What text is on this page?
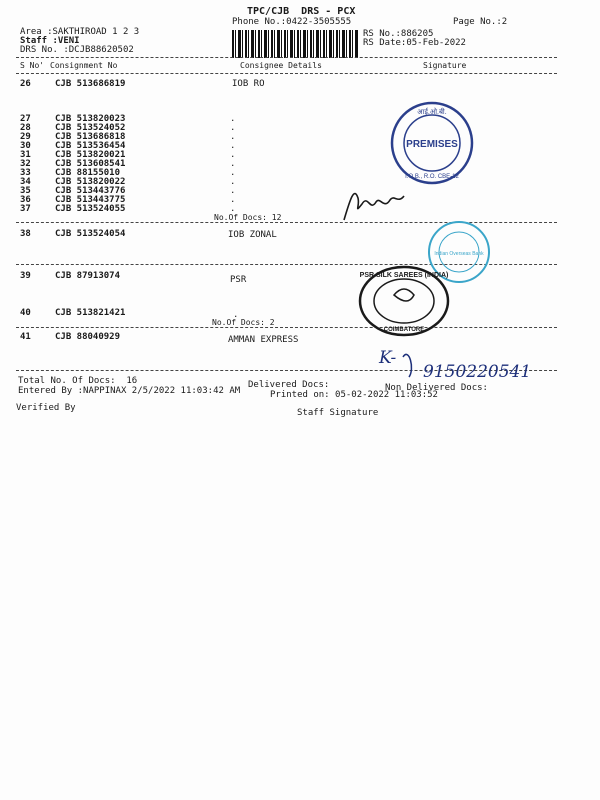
TPC/CJB  DRS - PCX
Phone No.:0422-3505555	Page No.:2
Area :SAKTHIROAD 1 2 3
Staff :VENI
DRS No. :DCJB88620502
RS No.:886205
RS Date:05-Feb-2022
S No' Consignment No	Consignee Details	Signature
26	CJB 513686819	IOB RO
27	CJB 513820023	.
28	CJB 513524052	.
29	CJB 513686818	.
30	CJB 513536454	.
31	CJB 513820021	.
32	CJB 513608541	.
33	CJB 88155010	.
34	CJB 513820022	.
35	CJB 513443776	.
36	CJB 513443775	.
37	CJB 513524055	.
No.Of Docs: 12
38	CJB 513524054	IOB ZONAL
39	CJB 87913074	PSR
40	CJB 513821421	.
No.Of Docs: 2
41	CJB 88040929	AMMAN EXPRESS
Total No. Of Docs:  16
Entered By :NAPPINAX 2/5/2022 11:03:42 AM
Delivered Docs:
Printed on: 05-02-2022 11:03:52
Non Delivered Docs:
Verified By	Staff Signature
PREMISES
I.O.B., R.O. CBE-12
आई.ओ.बी.
Indian Overseas Bank
PSR SILK SAREES (INDIA)
COIMBATORE
K-
9150220541
